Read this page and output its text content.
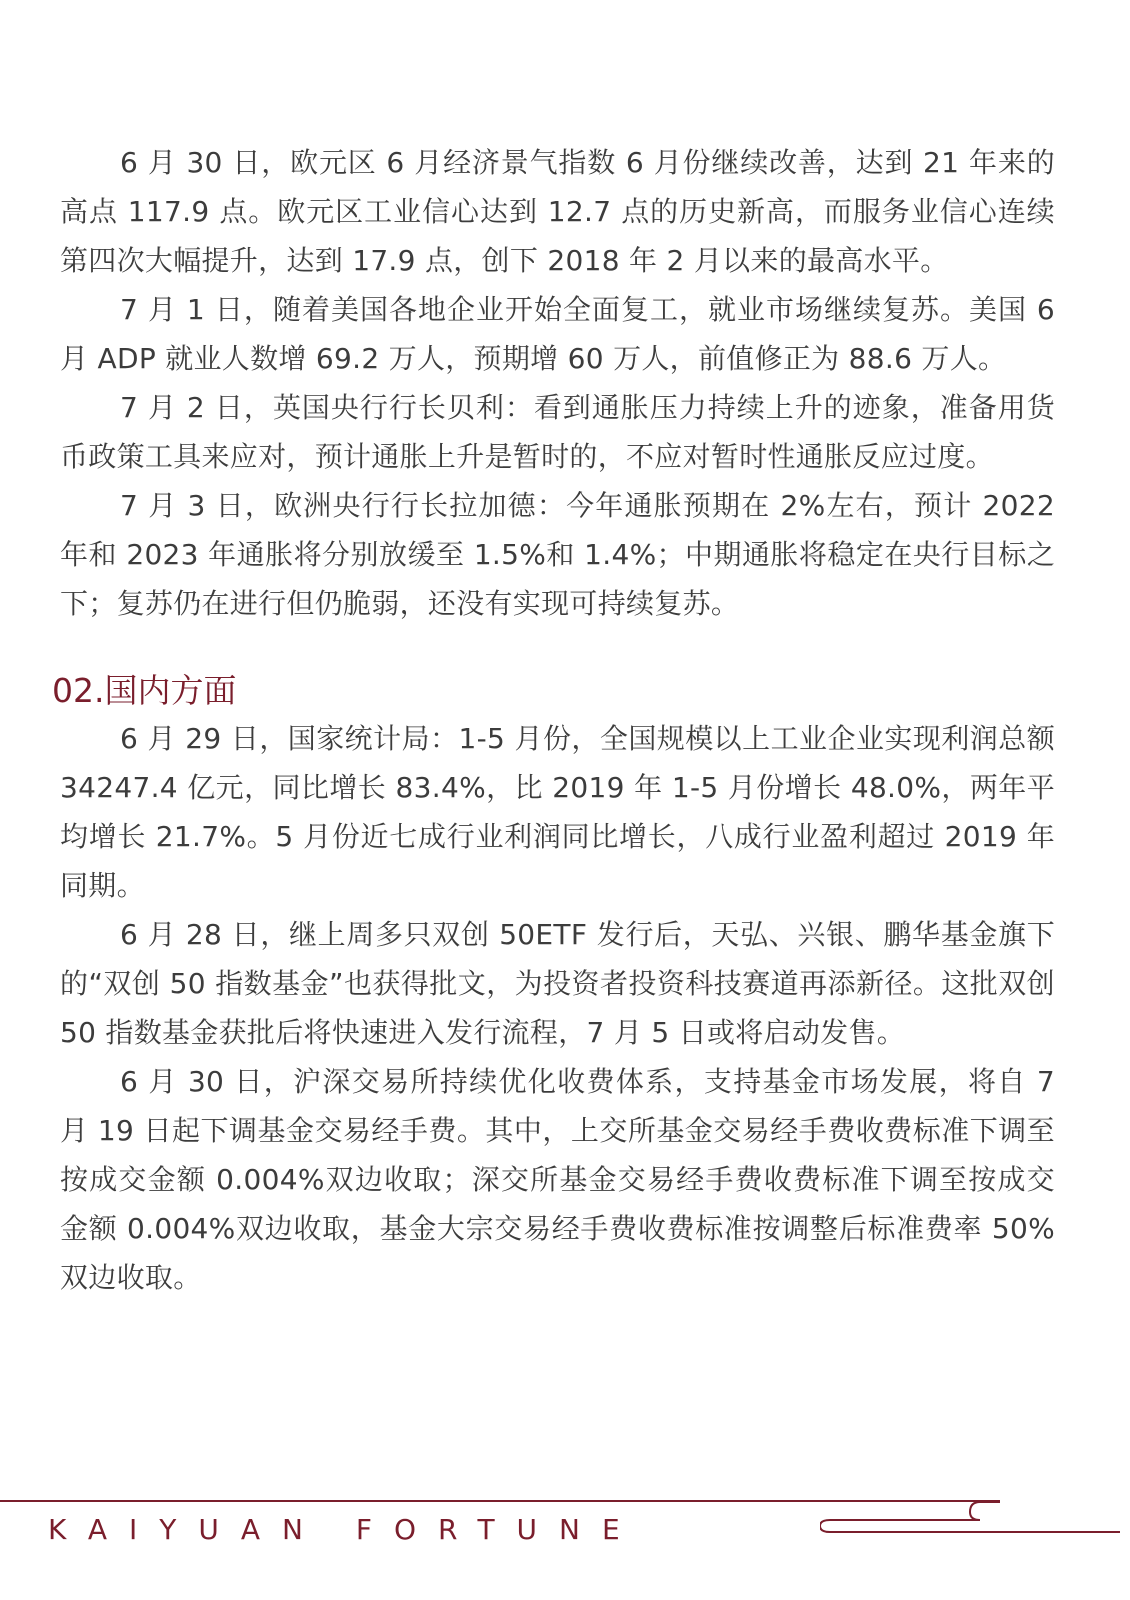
6 月 30 日，欧元区 6 月经济景气指数 6 月份继续改善，达到 21 年来的高点 117.9 点。欧元区工业信心达到 12.7 点的历史新高，而服务业信心连续第四次大幅提升，达到 17.9 点，创下 2018 年 2 月以来的最高水平。

7 月 1 日，随着美国各地企业开始全面复工，就业市场继续复苏。美国 6 月 ADP 就业人数增 69.2 万人，预期增 60 万人，前值修正为 88.6 万人。

7 月 2 日，英国央行行长贝利：看到通胀压力持续上升的迹象，准备用货币政策工具来应对，预计通胀上升是暂时的，不应对暂时性通胀反应过度。

7 月 3 日，欧洲央行行长拉加德：今年通胀预期在 2%左右，预计 2022 年和 2023 年通胀将分别放缓至 1.5%和 1.4%；中期通胀将稳定在央行目标之下；复苏仍在进行但仍脆弱，还没有实现可持续复苏。

02.国内方面

6 月 29 日，国家统计局：1-5 月份，全国规模以上工业企业实现利润总额 34247.4 亿元，同比增长 83.4%，比 2019 年 1-5 月份增长 48.0%，两年平均增长 21.7%。5 月份近七成行业利润同比增长，八成行业盈利超过 2019 年同期。

6 月 28 日，继上周多只双创 50ETF 发行后，天弘、兴银、鹏华基金旗下的“双创 50 指数基金”也获得批文，为投资者投资科技赛道再添新径。这批双创 50 指数基金获批后将快速进入发行流程，7 月 5 日或将启动发售。

6 月 30 日，沪深交易所持续优化收费体系，支持基金市场发展，将自 7 月 19 日起下调基金交易经手费。其中，上交所基金交易经手费收费标准下调至按成交金额 0.004%双边收取；深交所基金交易经手费收费标准下调至按成交金额 0.004%双边收取，基金大宗交易经手费收费标准按调整后标准费率 50%双边收取。

KAIYUAN FORTUNE
